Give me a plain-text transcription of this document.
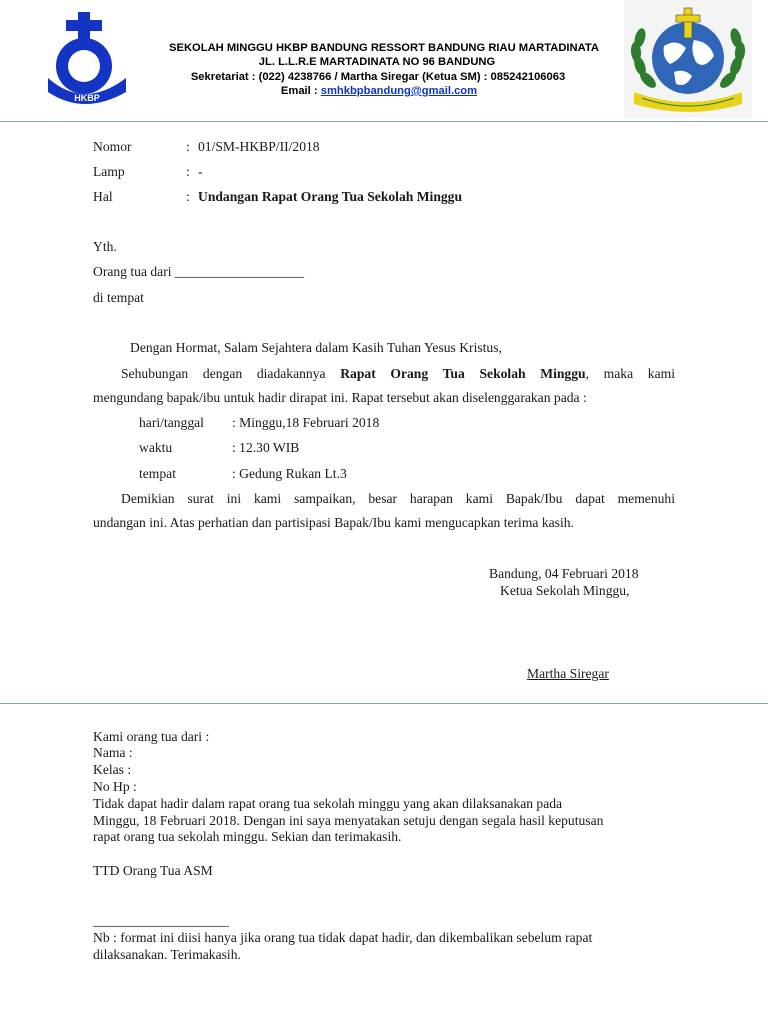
HKBP
SEKOLAH MINGGU HKBP BANDUNG RESSORT BANDUNG RIAU MARTADINATA
JL. L.L.R.E MARTADINATA NO 96 BANDUNG
Sekretariat : (022) 4238766 / Martha Siregar (Ketua SM) : 085242106063
Email : smhkbpbandung@gmail.com
Nomor	: 01/SM-HKBP/II/2018
Lamp	: -
Hal	: Undangan Rapat Orang Tua Sekolah Minggu
Yth.
Orang tua dari ___________________
di tempat
Dengan Hormat, Salam Sejahtera dalam Kasih Tuhan Yesus Kristus,
Sehubungan dengan diadakannya Rapat Orang Tua Sekolah Minggu, maka kami
mengundang bapak/ibu untuk hadir dirapat ini. Rapat tersebut akan diselenggarakan pada :
hari/tanggal : Minggu,18 Februari 2018
waktu	: 12.30 WIB
tempat	: Gedung Rukan Lt.3
Demikian surat ini kami sampaikan, besar harapan kami Bapak/Ibu dapat memenuhi
undangan ini. Atas perhatian dan partisipasi Bapak/Ibu kami mengucapkan terima kasih.
Bandung, 04 Februari 2018
Ketua Sekolah Minggu,
Martha Siregar
Kami orang tua dari :
Nama :
Kelas :
No Hp :
Tidak dapat hadir dalam rapat orang tua sekolah minggu yang akan dilaksanakan pada
Minggu, 18 Februari 2018. Dengan ini saya menyatakan setuju dengan segala hasil keputusan
rapat orang tua sekolah minggu. Sekian dan terimakasih.
TTD Orang Tua ASM
____________________
Nb : format ini diisi hanya jika orang tua tidak dapat hadir, dan dikembalikan sebelum rapat
dilaksanakan. Terimakasih.
